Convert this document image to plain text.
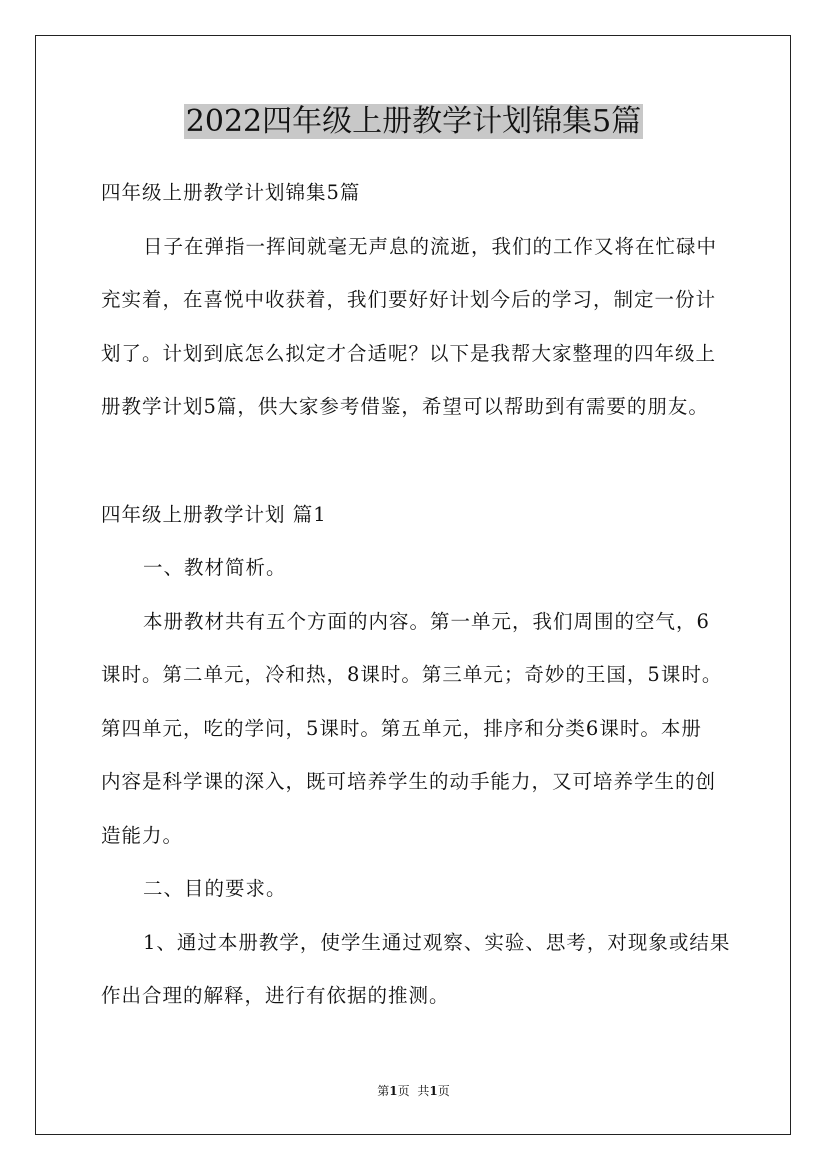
2022四年级上册教学计划锦集5篇
四年级上册教学计划锦集5篇
日子在弹指一挥间就毫无声息的流逝，我们的工作又将在忙碌中
充实着，在喜悦中收获着，我们要好好计划今后的学习，制定一份计
划了。计划到底怎么拟定才合适呢？以下是我帮大家整理的四年级上
册教学计划5篇，供大家参考借鉴，希望可以帮助到有需要的朋友。
四年级上册教学计划 篇1
一、教材简析。
本册教材共有五个方面的内容。第一单元，我们周围的空气，6
课时。第二单元，冷和热，8课时。第三单元；奇妙的王国，5课时。
第四单元，吃的学问，5课时。第五单元，排序和分类6课时。本册
内容是科学课的深入，既可培养学生的动手能力，又可培养学生的创
造能力。
二、目的要求。
1、通过本册教学，使学生通过观察、实验、思考，对现象或结果
作出合理的解释，进行有依据的推测。
第1页 共1页
